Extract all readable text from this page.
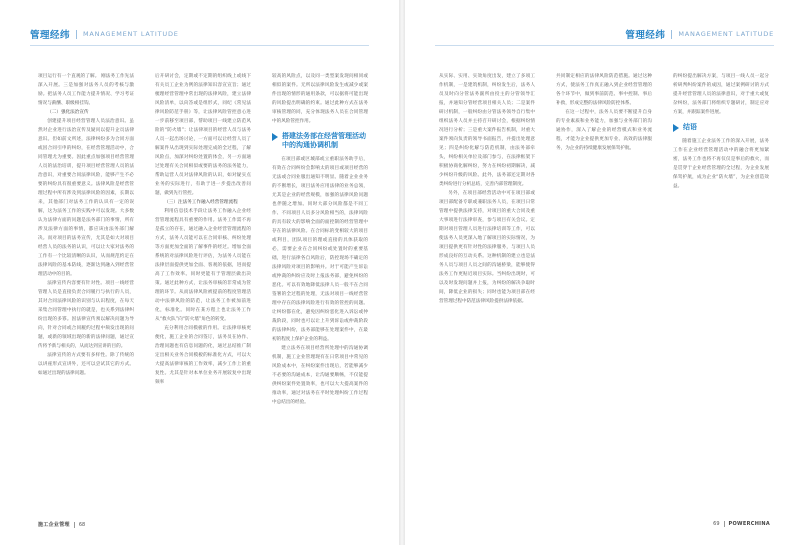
管理经纬 MANAGEMENT LATITUDE

项目运行有一个直观的了解。 刚法务工作先法深入开展。三是加强对法务人员的考核与激励。把法务人员工作能力提升情况、学习考证情况与薪酬、职级相挂钩。

（二）强化法治宣传

创建提升项目经营管理人员法治意识。虽然对企业进行法治宣传及疑问以提升企员法律意识。但如前文所述，法律纠纷多为合同方面或因合同引申的纠纷，在经营管理活动中，合同管理尤为重要。因此重点加强项目经营管理人员的法治培训，提升项目经营管理人员的法治意识，对重要合同法律风险，能够产生不必要的纠纷具有很重要意义。法律风险是经营管理过程中所有涉及到法律风险的因素，长期以来，其他部门对法务工作的认识有一定的误解，这为法务工作的实践中可以发现。大多数认为法律方面的问题是法务部门的事情，所有涉及法律方面的事情，都应该由法务部门解决。而对项目的法务宣传，尤其是如大对项目经营人员的法务的认识，可以让大家对法务的工作有一个比较清晰的认识，从而规范约定在法律风险的基本防线，逐渐达到融入到经营管理活动中的目的。

法律宣传内容要有针对性。项目一线经营管理人员是直接负责合同履行与执行的人员，其对合同法律风险的识别与认识程度，在每天采集合同管理中执行的就是，也关系到法律纠纷出现的多寡。因法律宣传须以解决问题为导向，针对合同或合同履约过程中频发出现的问题，或新的领域出现的新的法律问题，通过宣传将予新与相关的，从而达到宣讲的目的。

法律宣传的方式要有多样性。除了传统的以讲座形式宣讲外，还可以尝试其它的方式。如通过出现的法律问题。

后开研讨会，定期或不定期的组织线上或线下有关员工企业为例的法律知识容宣宣旨；通过梳理经营管理中常出现的法律风险，建立法律风险清单，以向答或是组形式，同纪《常见法律风险防范手册》等，让法律风险管控意心进一步前移至项目部，帮助项目一线建立防范风险的“防火墙”；让法律项目的经营人员与法务人员一起出场讨论，一方面可以让经营人员了解案件从出现到实际处理完成的全过程，了解风险点，加深对纠纷处置的体会，另一方面通过处理有关合同相似或要的法务的法务能力，帮助运营人员对法律风险的认识，如对疑实点业务的实际进行，有助于进一步提出改善问题，做到先行管控。

（三）注法务工作融入经营管理流程

利用信息技术手段让法务工作融入企业经营管理流程具有重要的作用。法务工作需不再是孤立的存在，通过融入企业经营管理流程的方式，法务人员能可以在合同审核、纠纷处理等方面更加全面的了解事件的经过。增加全面系统的对法律风险进行评估，为法务人员能在法律层面提供更加全面、客观的依据，进而提高了工作效率。同时更能有于管理层做出决策。通过此种方式，让法务审核的非常成为管理的环节。从而法律风险被提前的程度管理活动中法律风险的防范，让法务工作被加前进化，标准化。同时在某方程上也让法务工作从“救火队”向“防火墙”角色的转变。

充分利用合同模板的作用。让法律审核更便化，施工企业的合同签订，法务员在协作、治理问题也有信息问题的化，通过总结推广制定出相关业务合同模板的标准化方式，可以大大提高法律审核的工作效率，减少工作上的重复性。尤其是针对本单位业务开展较复中出现频率

较高的风险点，以及同一类型案发现问相同或相似的案件。无所以法律风险发生或减少或案件出现的情形的通用条款，可以据将可能出现的风险提出明确的约束。通过此种方式在法务审核管理的同，充分体现法务人员在合同管理中的风险管控作用。

搭建法务部在经营管理活动中的沟通协调机制

在项目部或区城部或立重职法务助手后，有效在合同纠纷会影响太的项目或项目经营的无法或合同业服出通知不明显。随着企业业务的不断增长，项目法务应用法律的业务总领，尤其是企业的经营规模，加强的法律风险问题也伴随之增加。同时大部分风险都是不同工作、不同项目人员多分风险相当的，法律风险的具有较大的影响全面的面控制的经营管理中存在的法律风险。在合同标的变相较大的项目或利目，团队项目的理或直接的具体获取的必，需要企业在合同纠纷或处置时的重要基础，进行法律各自风险后，防控现场不确定的法律风险对项目的影响并。对于可能产生诉讼或仲裁的纠纷应及时上报法务部，避免纠纷的恶化。可以有效地降低法律人员一般不在合同签署的全过程的处理，无法对项目一线经营管理中存在的法律风险进行有效的管控的问题。让纠纷都在化，避免因纠纷恶化进入诉讼或仲裁阶段，同时也可以让上升到诉讼或仲裁阶段的法律纠纷，法务部能够在处理案件中，在最初的程度上保护企业的利益。

建立法务在项目经营所处理中的沟通协调机制，施工企业管理现有在日常项目中常见的风险成本中，在纠纷案件出现后，若能够减少不必要的沟通成本，让沟通要顺畅，不仅能提供纠纷案件处置效率，也可以大大提高案件的推动率，通过对法务在平时处理纠纷工作过程中总结出的经验。

施工企业管理 68
管理经纬 MANAGEMENT LATITUDE

从实际、实用、实效角度出发，建立了多项工作机制，一是建筑机制，纠纷发生后，法务人员及时向分管法务副所由投主的分管领导汇报，并通知分管经营项目相关人员；二是案件研讨机制，一般纠纷由分管法务领导自行集中组织法务人员并主持召开研讨会，根据纠纷情况进行分析；三是重大案件报告机制，对重大案件须向负责的领导书面报告，并提出处理意见；四是纠纷化解与防范机制，由法务部牵头，纠纷相关单位及部门参与，在法律框架下积极协商化解纠纷，努力在纠纷初期解决，减少纠纷升级的风险。此外，法务部还定期对各类纠纷进行分析总结，完善内部管理制度。

另外，在项目部经营活动中可在项目部或项目部配备专职或兼职法务人员，在项目日常管理中提供法律支持，对项目的重大合同及重大事项进行法律审查，参与项目有关会议。定期对项目管理人员进行法律培训等工作，可以使法务人员更深入地了解项目的实际情况，为项目提供更有针对性的法律服务，与项目人员形成良好的互动关系。这种机制的建立也是法务人员与项目人员之间的沟通桥梁，能够使得法务工作更贴近项目实际。当纠纷出现时，可以及时发现问题并上报，为纠纷的解决争取时间，降低企业的损失；同时也能为项目部在经营管理过程中防范法律风险提供法律依据。

共同制定相应的法律风险防范措施。通过这种方式，使法务工作真正融入到企业经营管理的各个环节中，做到事前防范、事中控制、事后补救，形成完整的法律风险防控体系。

在这一过程中，法务人员要不断提升自身的专业素质和业务能力，加强与业务部门的沟通协作，深入了解企业的经营模式和业务流程，才能为企业提供更加专业、高效的法律服务，为企业的持续健康发展保驾护航。

的纠纷提出解决方案，与项目一线人员一起分析研判纠纷案件的成因，通过案例研讨的方式提升经营管理人员的法律意识，对于重大或复杂纠纷，法务部门将组织专题研讨，制定应对方案，并跟踪案件进展。

结语

随着施工企业法务工作的深入开展，法务工作在企业经营管理活动中的融合将更加紧密，法务工作也将不再仅仅是事后的救火，而是贯穿于企业经营管理的全过程，为企业发展保驾护航，成为企业“防火墙”，为企业创造效益。

69 POWERCHINA
